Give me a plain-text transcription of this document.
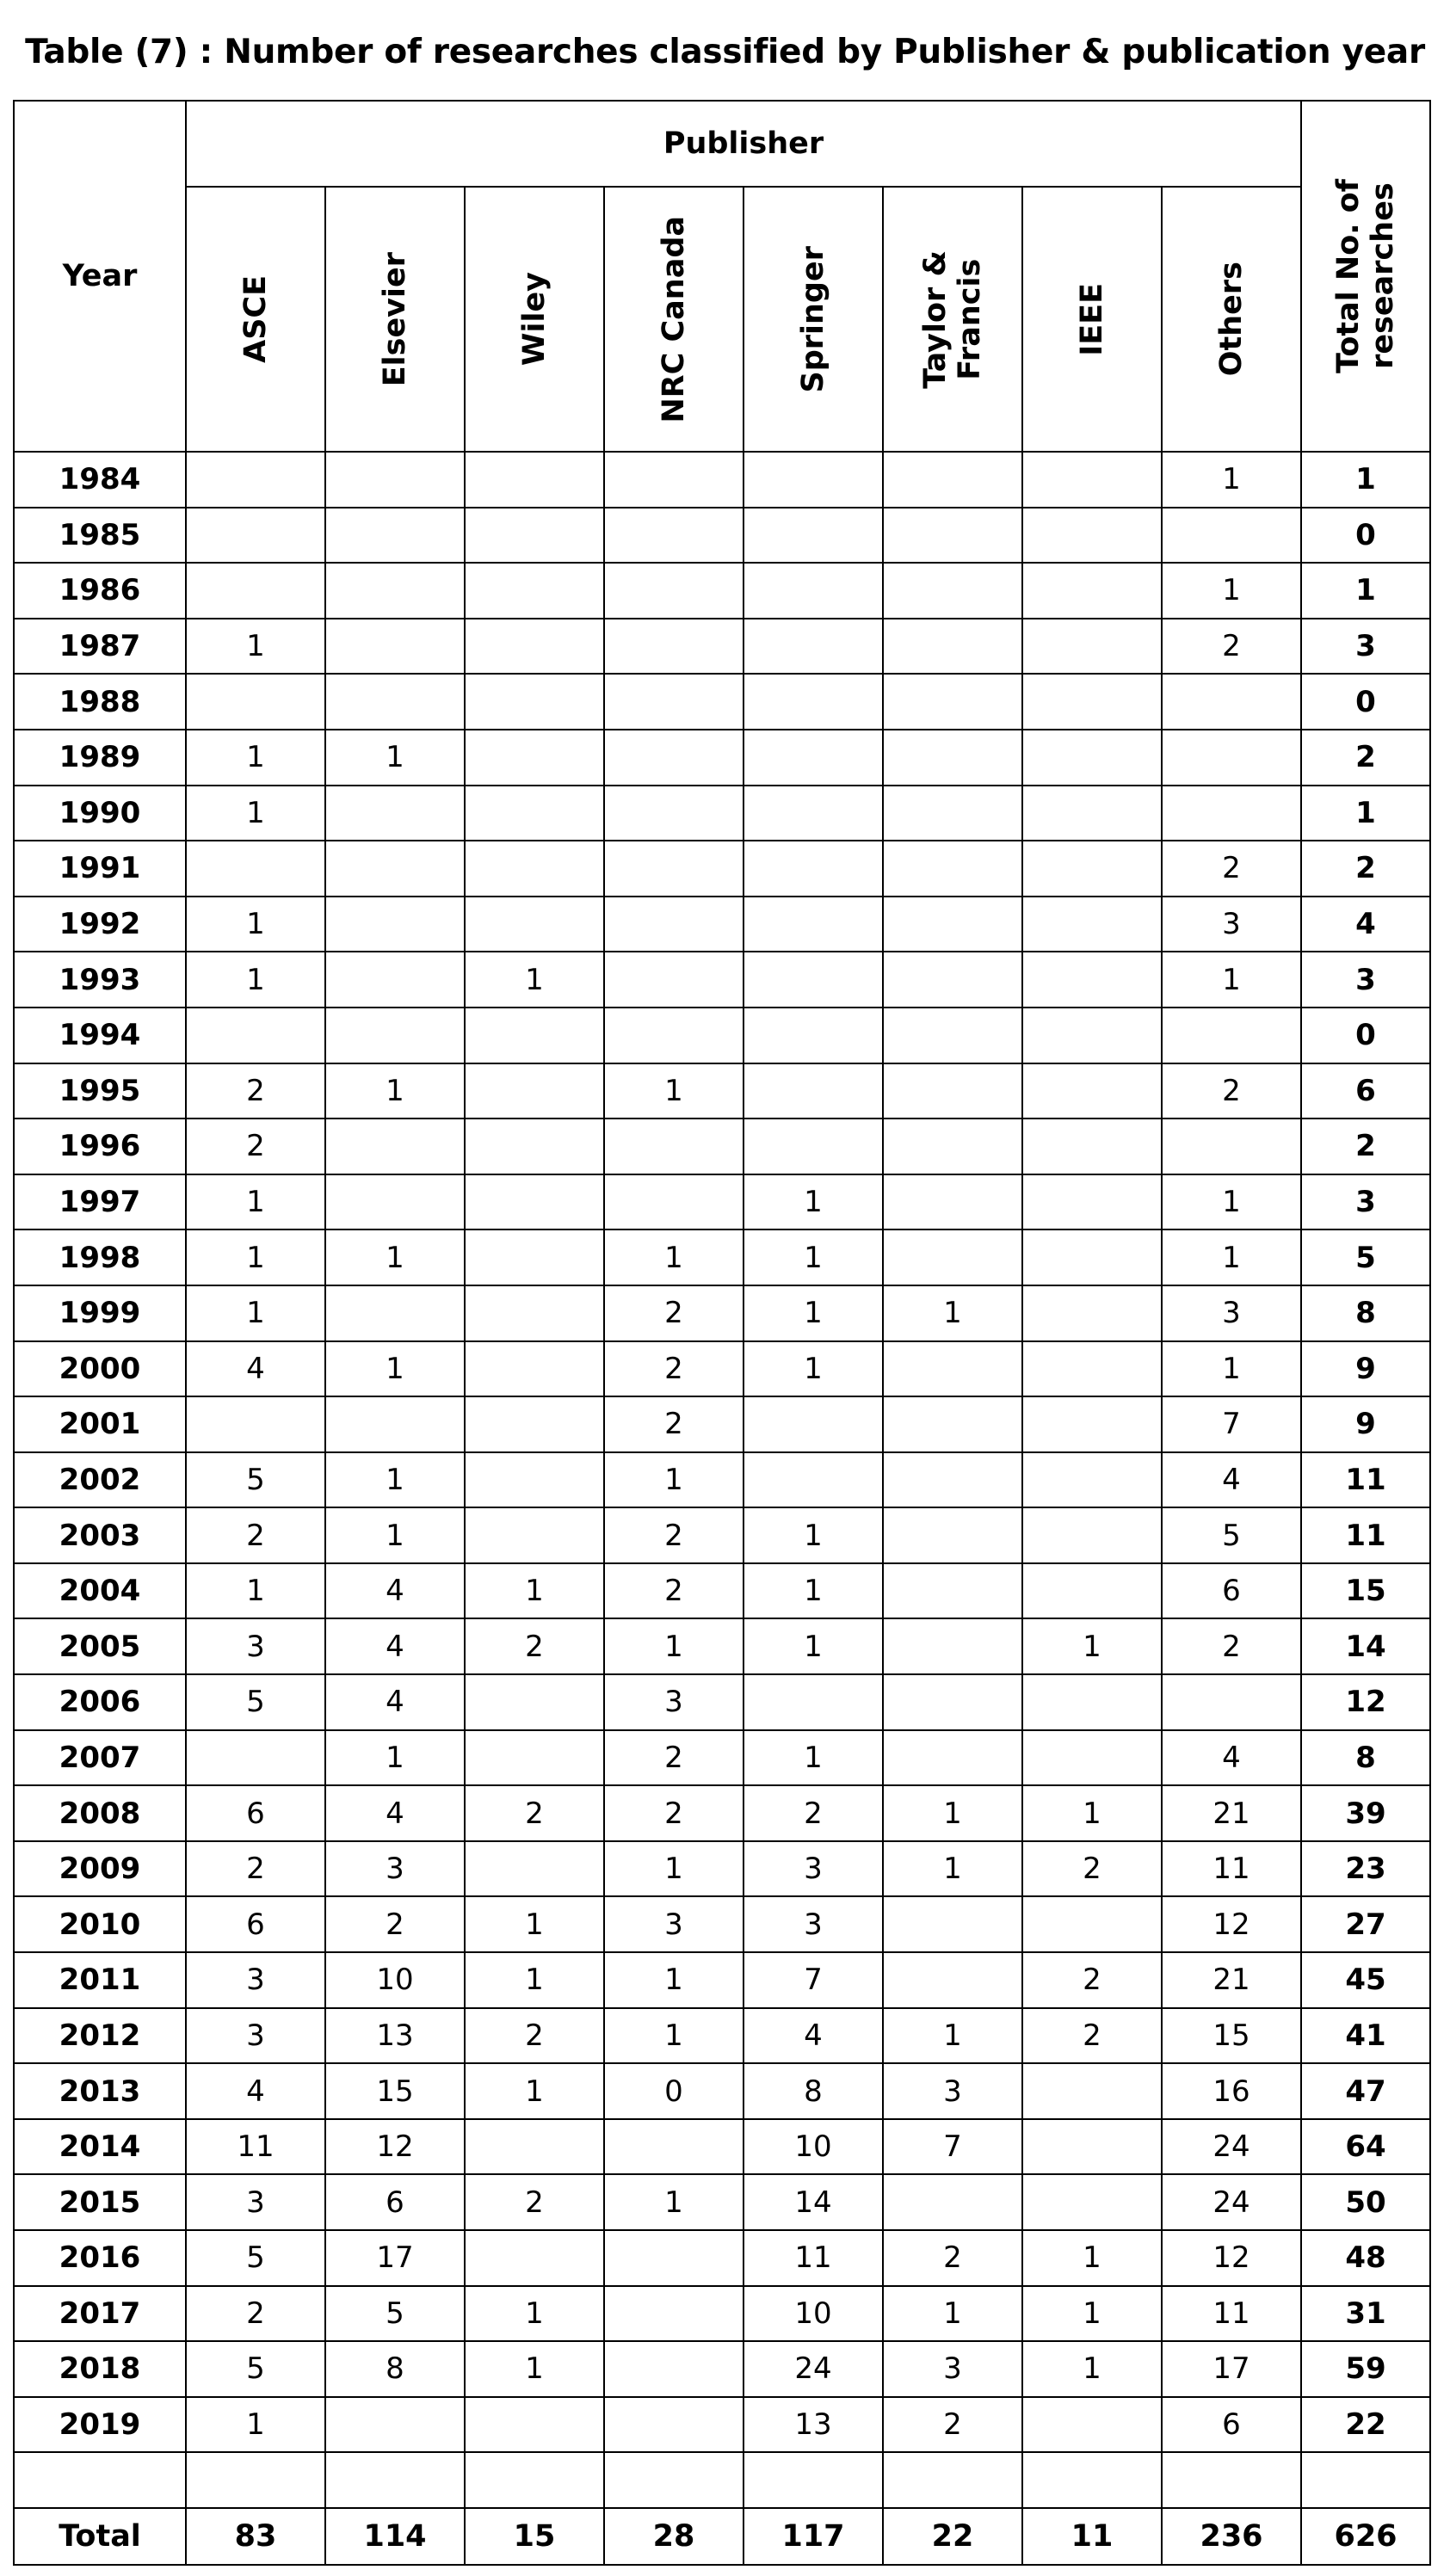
Table (7) : Number of researches classified by Publisher & publication year
Year	Publisher								Total No. of
researches

	ASCE	Elsevier	Wiley	NRC Canada	Springer	Taylor &
Francis	IEEE	Others	

1984								1	1
1985									0
1986								1	1
1987	1							2	3
1988									0
1989	1	1							2
1990	1								1
1991								2	2
1992	1							3	4
1993	1		1					1	3
1994									0
1995	2	1		1				2	6
1996	2								2
1997	1				1			1	3
1998	1	1		1	1			1	5
1999	1			2	1	1		3	8
2000	4	1		2	1			1	9
2001				2				7	9
2002	5	1		1				4	11
2003	2	1		2	1			5	11
2004	1	4	1	2	1			6	15
2005	3	4	2	1	1		1	2	14
2006	5	4		3					12
2007		1		2	1			4	8
2008	6	4	2	2	2	1	1	21	39
2009	2	3		1	3	1	2	11	23
2010	6	2	1	3	3			12	27
2011	3	10	1	1	7		2	21	45
2012	3	13	2	1	4	1	2	15	41
2013	4	15	1	0	8	3		16	47
2014	11	12			10	7		24	64
2015	3	6	2	1	14			24	50
2016	5	17			11	2	1	12	48
2017	2	5	1		10	1	1	11	31
2018	5	8	1		24	3	1	17	59
2019	1				13	2		6	22

Total	83	114	15	28	117	22	11	236	626
